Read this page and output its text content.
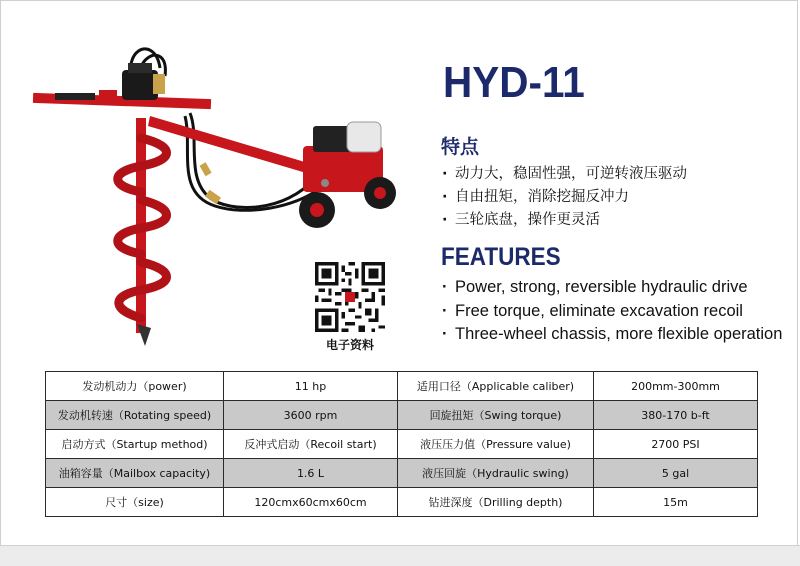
电子资料
HYD-11
特点
· 动力大，稳固性强，可逆转液压驱动
· 自由扭矩，消除挖掘反冲力
· 三轮底盘，操作更灵活
FEATURES
· Power, strong, reversible hydraulic drive
· Free torque, eliminate excavation recoil
· Three-wheel chassis, more flexible operation
发动机动力（power)	11 hp	适用口径（Applicable caliber)	200mm-300mm
发动机转速（Rotating speed)	3600 rpm	回旋扭矩（Swing torque)	380-170 b-ft
启动方式（Startup method)	反冲式启动（Recoil start)	液压压力值（Pressure value)	2700 PSI
油箱容量（Mailbox capacity)	1.6 L	液压回旋（Hydraulic swing)	5 gal
尺寸（size)	120cmx60cmx60cm	钻进深度（Drilling depth)	15m
